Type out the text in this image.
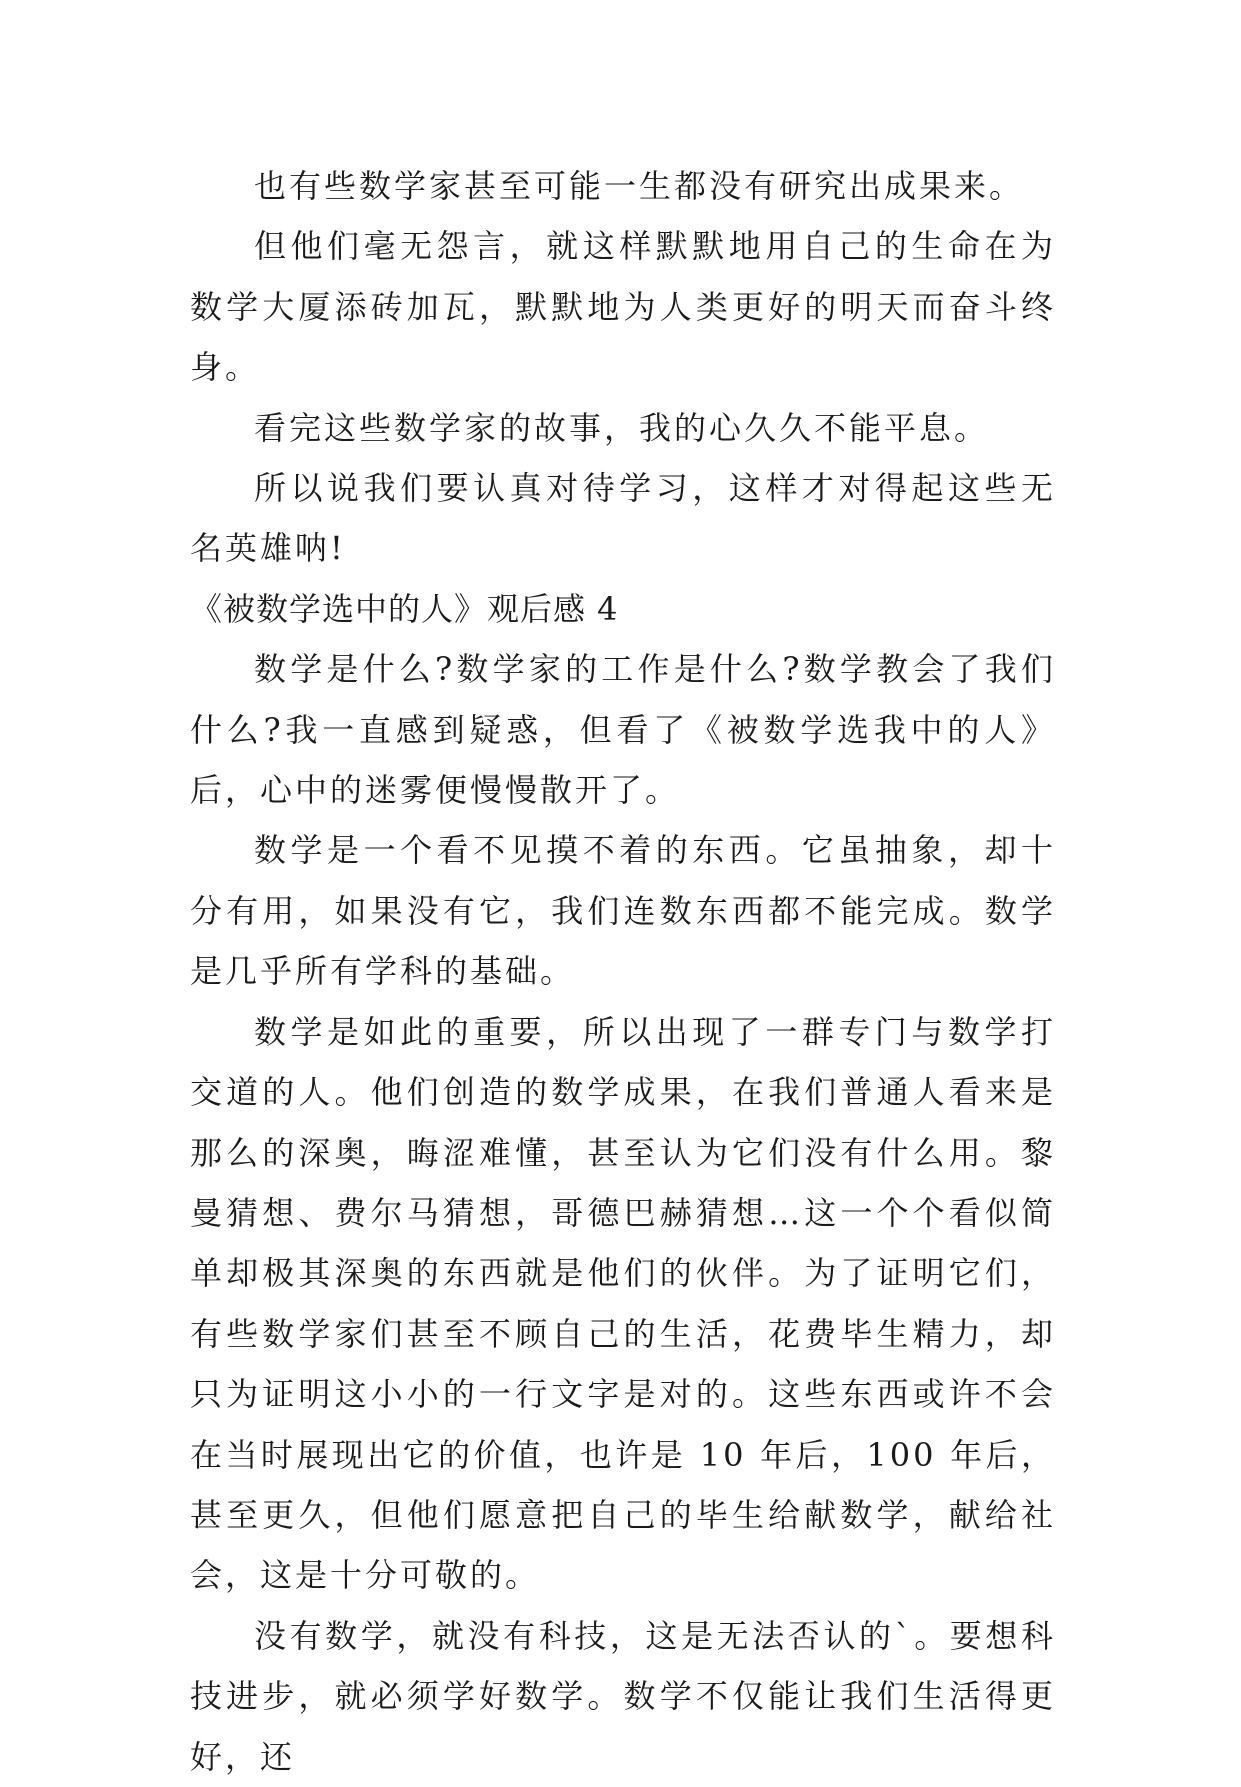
也有些数学家甚至可能一生都没有研究出成果来。

但他们毫无怨言，就这样默默地用自己的生命在为数学大厦添砖加瓦，默默地为人类更好的明天而奋斗终身。

看完这些数学家的故事，我的心久久不能平息。

所以说我们要认真对待学习，这样才对得起这些无名英雄呐!

《被数学选中的人》观后感 4

数学是什么?数学家的工作是什么?数学教会了我们什么?我一直感到疑惑，但看了《被数学选我中的人》后，心中的迷雾便慢慢散开了。

数学是一个看不见摸不着的东西。它虽抽象，却十分有用，如果没有它，我们连数东西都不能完成。数学是几乎所有学科的基础。

数学是如此的重要，所以出现了一群专门与数学打交道的人。他们创造的数学成果，在我们普通人看来是那么的深奥，晦涩难懂，甚至认为它们没有什么用。黎曼猜想、费尔马猜想，哥德巴赫猜想…这一个个看似简单却极其深奥的东西就是他们的伙伴。为了证明它们，有些数学家们甚至不顾自己的生活，花费毕生精力，却只为证明这小小的一行文字是对的。这些东西或许不会在当时展现出它的价值，也许是 10 年后，100 年后，甚至更久，但他们愿意把自己的毕生给献数学，献给社会，这是十分可敬的。

没有数学，就没有科技，这是无法否认的`。要想科技进步，就必须学好数学。数学不仅能让我们生活得更好，还
